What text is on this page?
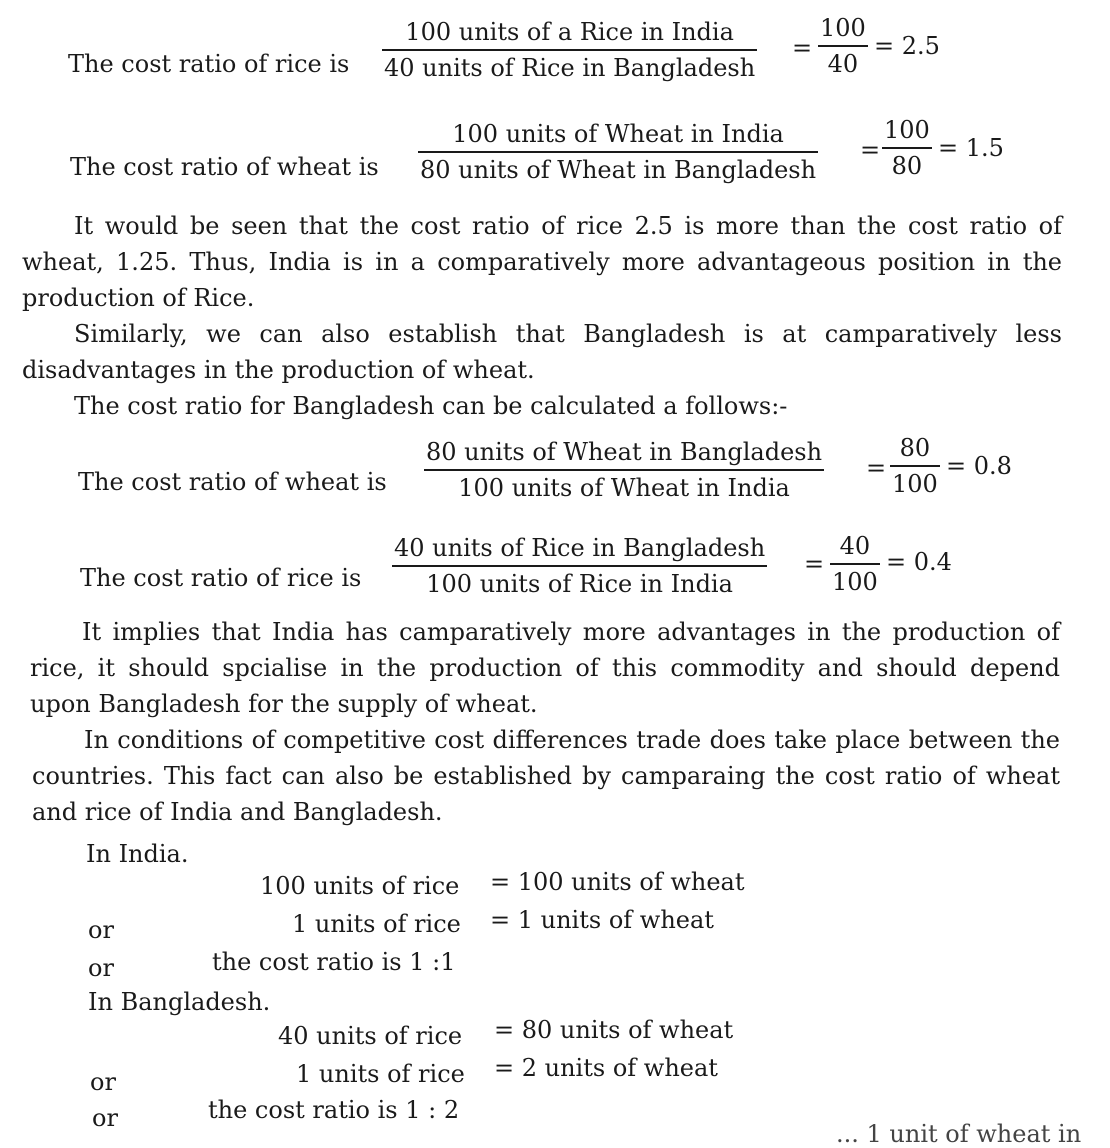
The cost ratio of rice is
100 units of a Rice in India
40 units of Rice in Bangladesh
=
100
40
= 2.5
The cost ratio of wheat is
100 units of Wheat in India
80 units of Wheat in Bangladesh
=
100
80
= 1.5
It would be seen that the cost ratio of rice 2.5 is more than the cost ratio of wheat, 1.25. Thus, India is in a comparatively more advantageous position in the production of Rice.
Similarly, we can also establish that Bangladesh is at camparatively less disadvantages in the production of wheat.
The cost ratio for Bangladesh can be calculated a follows:-
The cost ratio of wheat is
80 units of Wheat in Bangladesh
100 units of Wheat in India
=
80
100
= 0.8
The cost ratio of rice is
40 units of Rice in Bangladesh
100 units of Rice in India
=
40
100
= 0.4
It implies that India has camparatively more advantages in the production of rice, it should spcialise in the production of this commodity and should depend upon Bangladesh for the supply of wheat.
In conditions of competitive cost differences trade does take place between the countries. This fact can also be established by camparaing the cost ratio of wheat and rice of India and Bangladesh.
In India.
100 units of rice = 100 units of wheat
or	1 units of rice = 1 units of wheat
or	the cost ratio is 1 :1
In Bangladesh.
40 units of rice = 80 units of wheat
or	1 units of rice = 2 units of wheat
or	the cost ratio is 1 : 2
... 1 unit of wheat in
